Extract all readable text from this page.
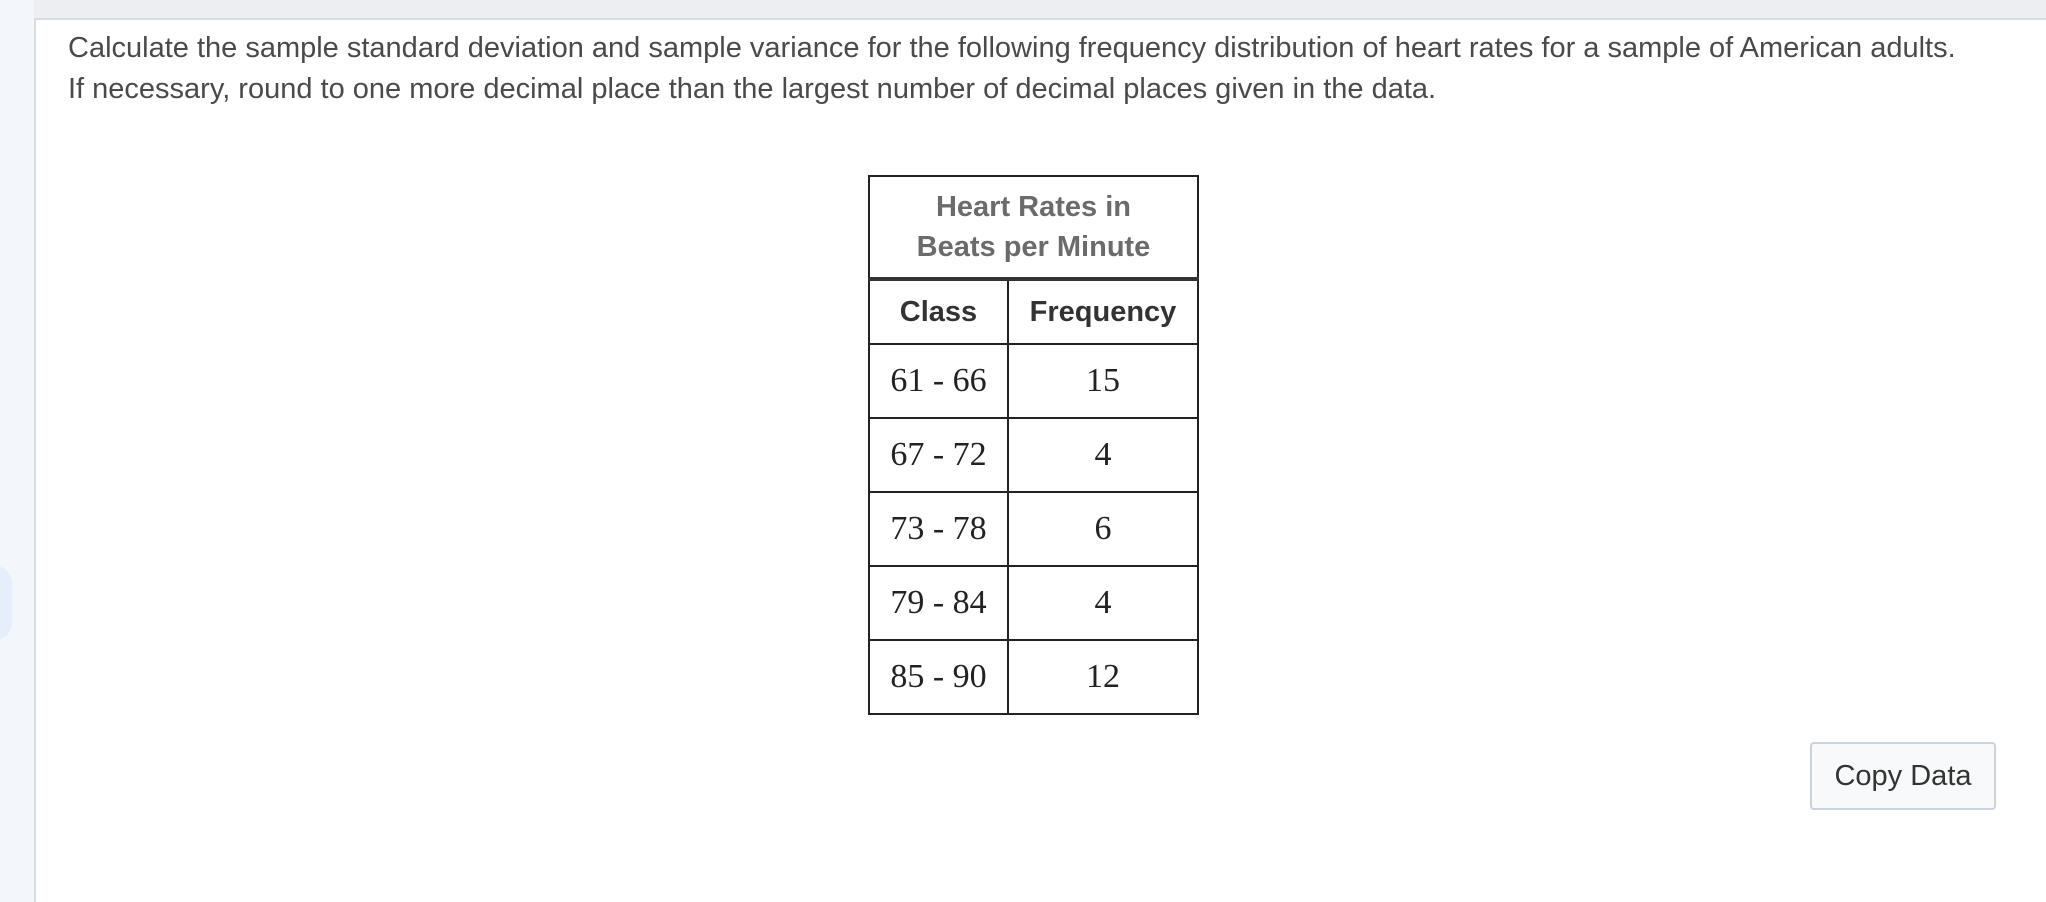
Calculate the sample standard deviation and sample variance for the following frequency distribution of heart rates for a sample of American adults.

If necessary, round to one more decimal place than the largest number of decimal places given in the data.

Heart Rates in
Beats per Minute	

Class	Frequency
61 - 66	15
67 - 72	4
73 - 78	6
79 - 84	4
85 - 90	12
Copy Data
